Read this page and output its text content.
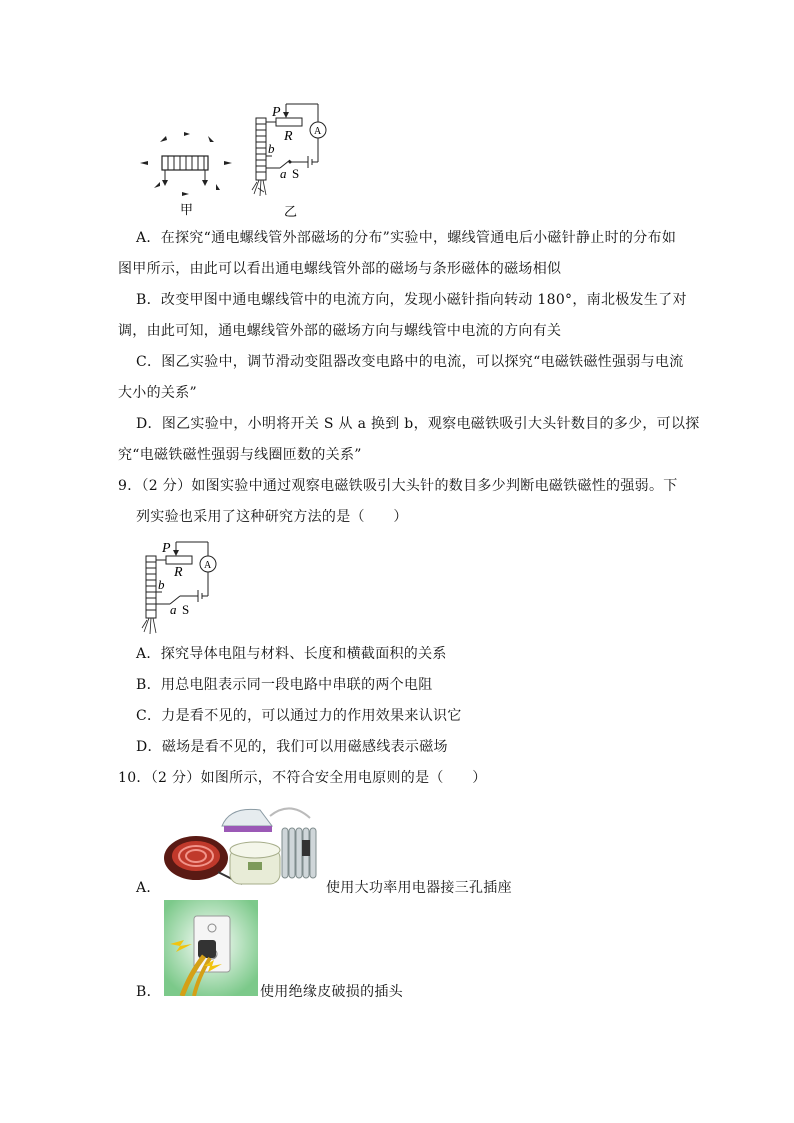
甲
P
R
b
a S
A
乙
A．在探究“通电螺线管外部磁场的分布”实验中，螺线管通电后小磁针静止时的分布如
图甲所示，由此可以看出通电螺线管外部的磁场与条形磁体的磁场相似
B．改变甲图中通电螺线管中的电流方向，发现小磁针指向转动 180°，南北极发生了对
调，由此可知，通电螺线管外部的磁场方向与螺线管中电流的方向有关
C．图乙实验中，调节滑动变阻器改变电路中的电流，可以探究“电磁铁磁性强弱与电流
大小的关系”
D．图乙实验中，小明将开关 S 从 a 换到 b，观察电磁铁吸引大头针数目的多少，可以探
究“电磁铁磁性强弱与线圈匝数的关系”
9．（2 分）如图实验中通过观察电磁铁吸引大头针的数目多少判断电磁铁磁性的强弱。下
列实验也采用了这种研究方法的是（　　）
P
R
b
a S
A
A．探究导体电阻与材料、长度和横截面积的关系
B．用总电阻表示同一段电路中串联的两个电阻
C．力是看不见的，可以通过力的作用效果来认识它
D．磁场是看不见的，我们可以用磁感线表示磁场
10．（2 分）如图所示，不符合安全用电原则的是（　　）
A．	使用大功率用电器接三孔插座
B．	使用绝缘皮破损的插头
